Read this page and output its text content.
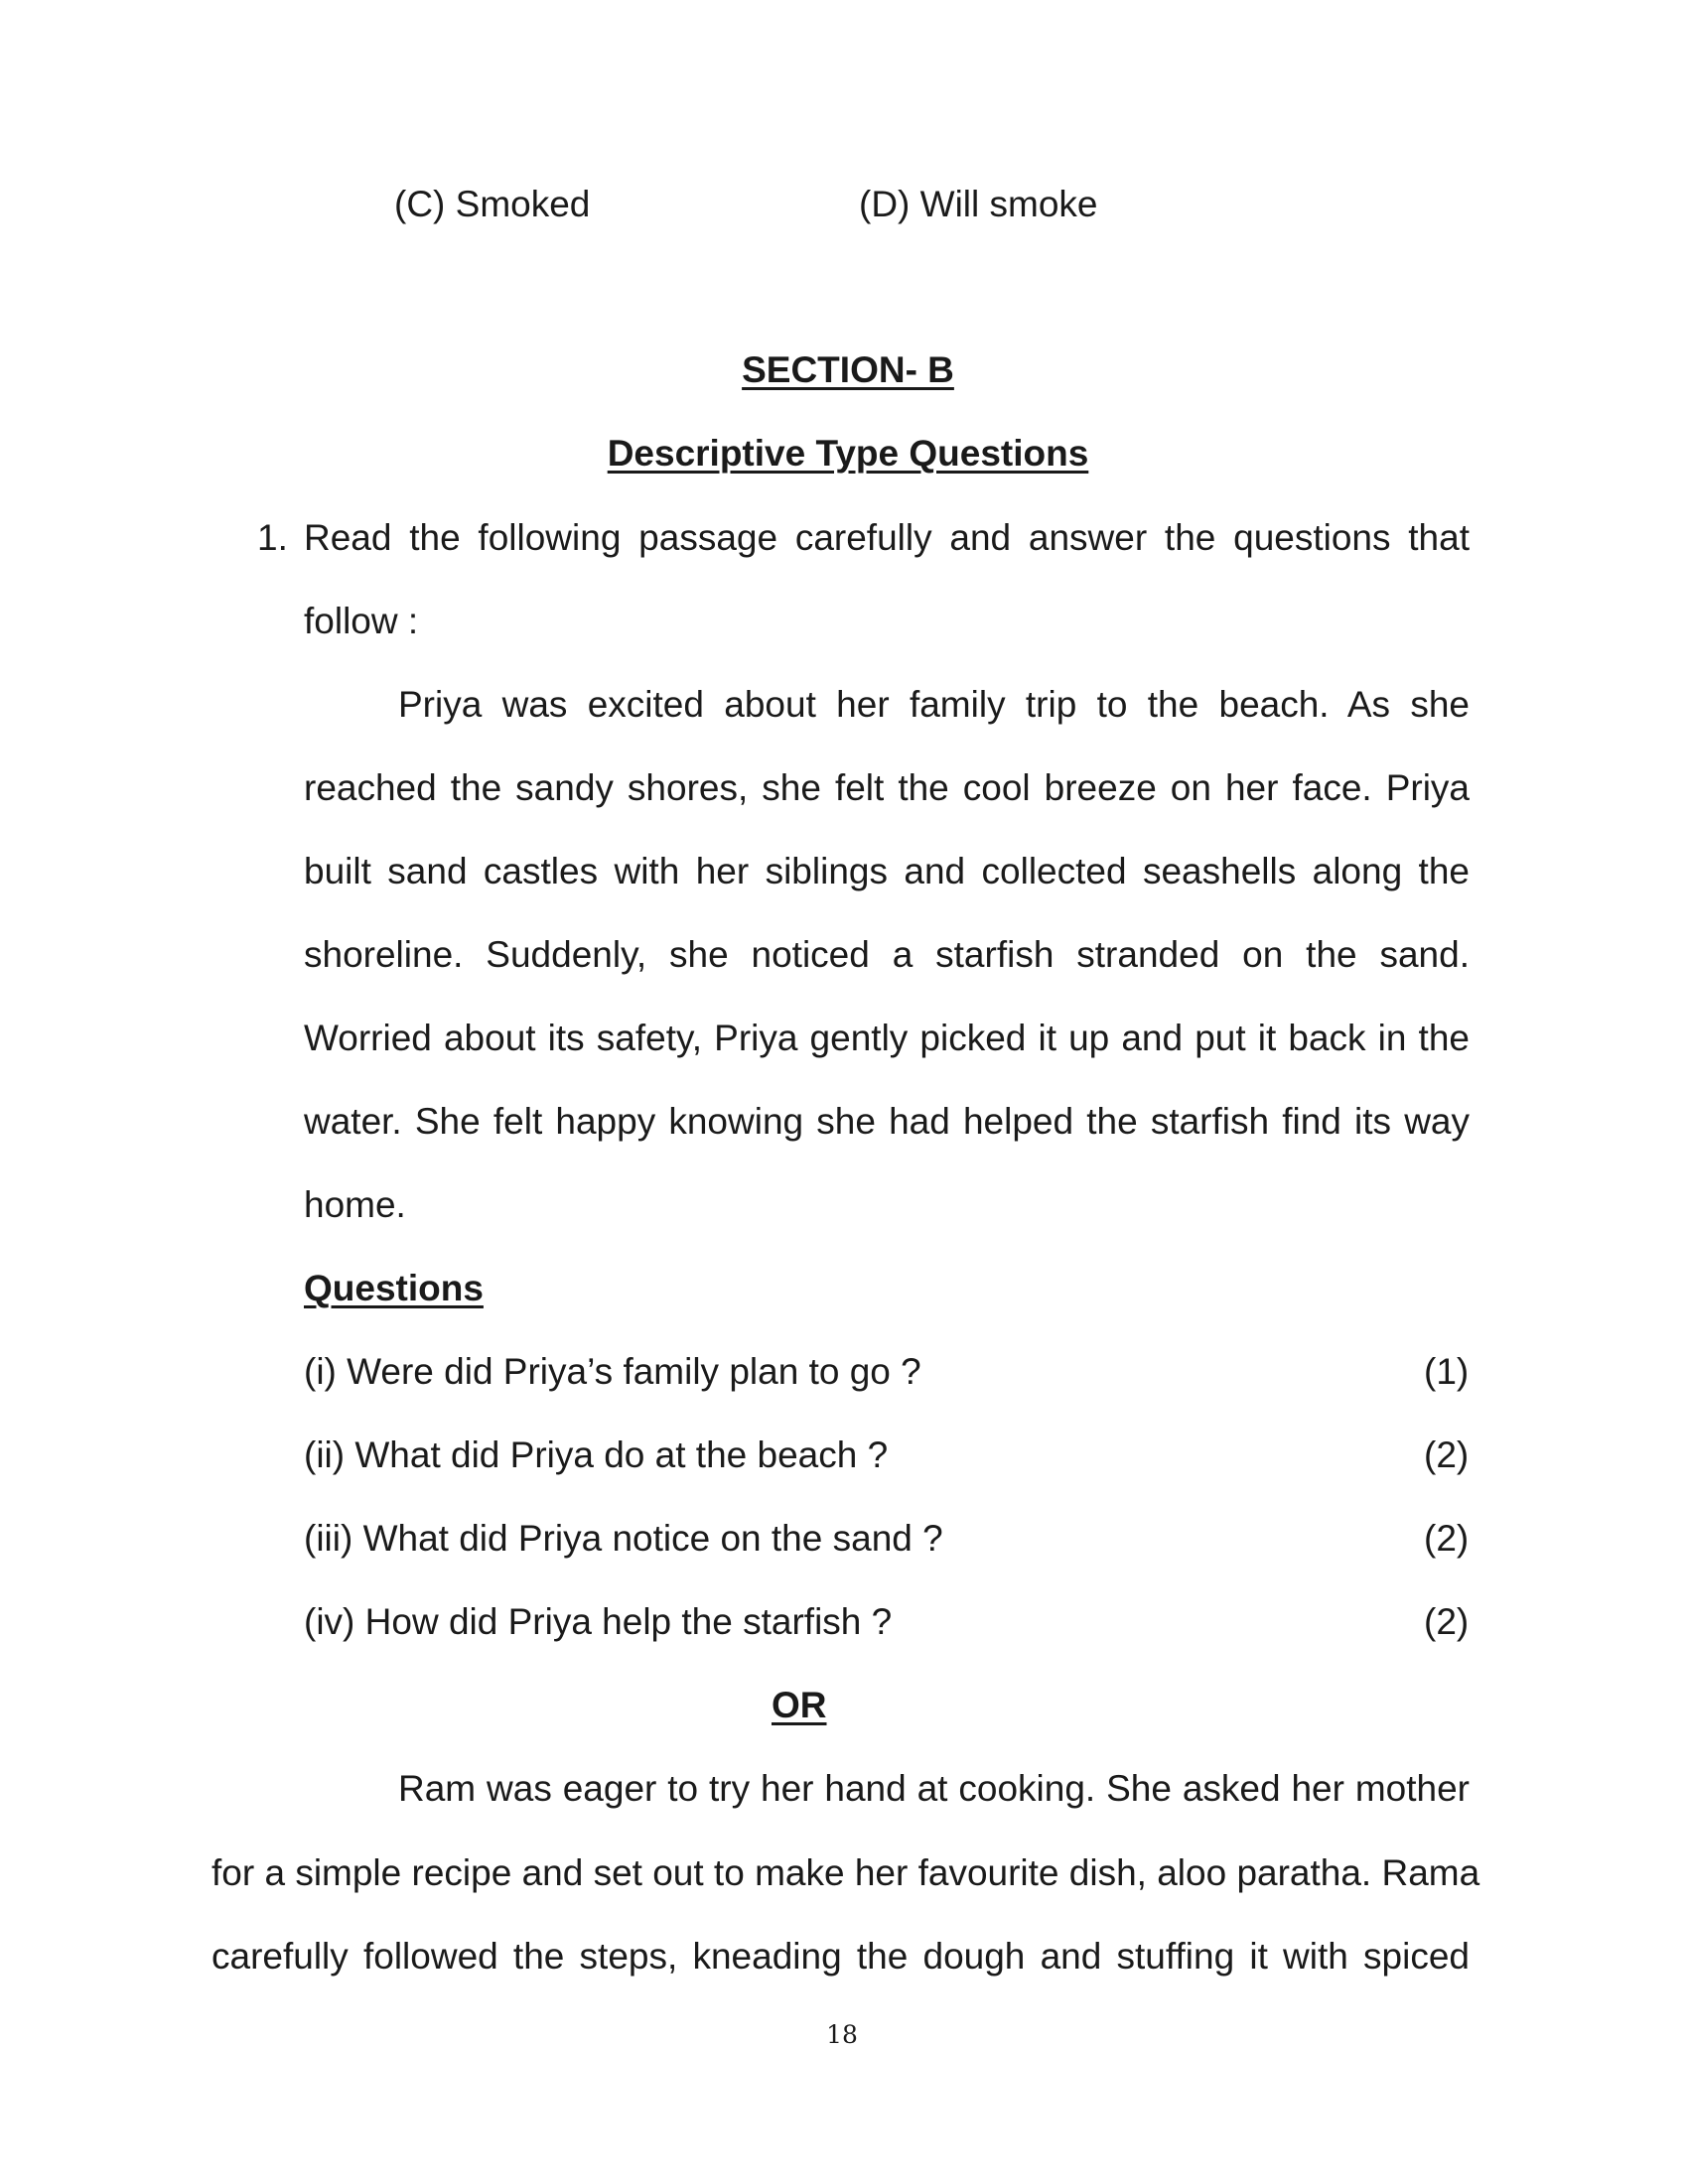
(C) Smoked	(D) Will smoke
SECTION- B
Descriptive Type Questions
1. Read the following passage carefully and answer the questions that
follow :
Priya was excited about her family trip to the beach. As she
reached the sandy shores, she felt the cool breeze on her face. Priya
built sand castles with her siblings and collected seashells along the
shoreline. Suddenly, she noticed a starfish stranded on the sand.
Worried about its safety, Priya gently picked it up and put it back in the
water. She felt happy knowing she had helped the starfish find its way
home.
Questions
(i) Were did Priya’s family plan to go ?	(1)
(ii) What did Priya do at the beach ?	(2)
(iii) What did Priya notice on the sand ?	(2)
(iv) How did Priya help the starfish ?	(2)
OR
Ram was eager to try her hand at cooking. She asked her mother
for a simple recipe and set out to make her favourite dish, aloo paratha. Rama
carefully followed the steps, kneading the dough and stuffing it with spiced
18
